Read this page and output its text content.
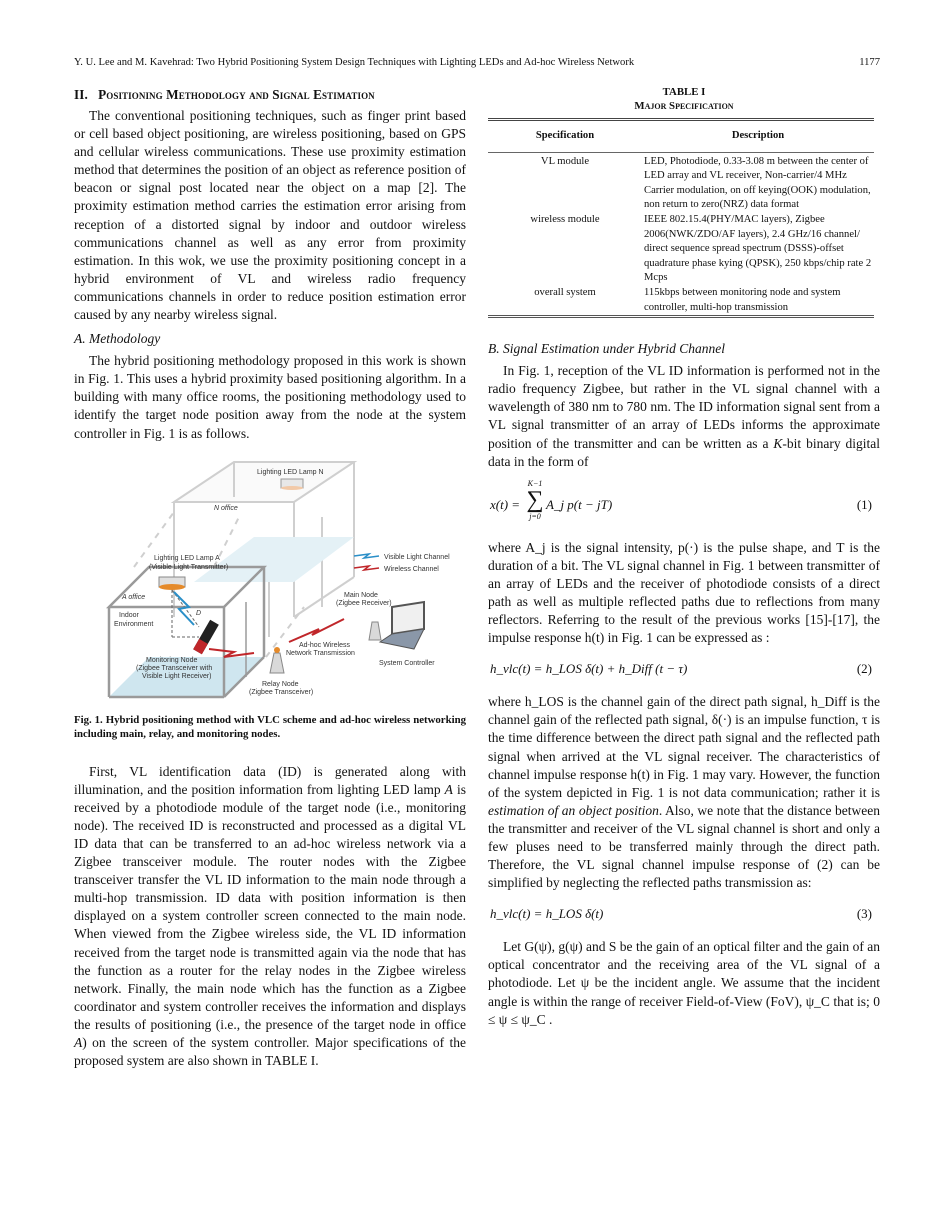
Y. U. Lee and M. Kavehrad: Two Hybrid Positioning System Design Techniques with Lighting LEDs and Ad-hoc Wireless Network	1177
II. Positioning Methodology and Signal Estimation

The conventional positioning techniques, such as finger print based or cell based object positioning, are wireless positioning, based on GPS and cellular wireless communications. These use proximity estimation method that determines the position of an object as reference position of beacon or signal post located near the object on a map [2]. The proximity estimation method carries the estimation error arising from reception of a distorted signal by indoor and outdoor wireless communications channel as well as any error from proximity estimation. In this wok, we use the proximity positioning concept in a hybrid environment of VL and wireless radio frequency communications channels in order to reduce position estimation error caused by any nearby wireless signal.

A. Methodology

The hybrid positioning methodology proposed in this work is shown in Fig. 1. This uses a hybrid proximity based positioning algorithm. In a building with many office rooms, the positioning methodology used to identify the target node position away from the node at the system controller in Fig. 1 is as follows.

Lighting LED Lamp N
N office
Lighting LED Lamp A
(Visible Light Transmitter)
A office
Indoor
Environment
D
Monitoring Node
(Zigbee Transceiver with
Visible Light Receiver)
Relay Node
(Zigbee Transceiver)
Ad-hoc Wireless
Network Transmission
Main Node
(Zigbee Receiver)
System Controller
Visible Light Channel
Wireless Channel
Fig. 1. Hybrid positioning method with VLC scheme and ad-hoc wireless networking including main, relay, and monitoring nodes.

First, VL identification data (ID) is generated along with illumination, and the position information from lighting LED lamp A is received by a photodiode module of the target node (i.e., monitoring node). The received ID is reconstructed and processed as a digital VL ID data that can be transferred to an ad-hoc wireless network via a Zigbee transceiver module. The router nodes with the Zigbee transceiver transfer the VL ID information to the main node through a multi-hop transmission. ID data with position information is then displayed on a system controller screen connected to the main node. When viewed from the Zigbee wireless side, the VL ID information received from the target node is transmitted again via the node that has the function as a router for the relay nodes in the Zigbee wireless network. Finally, the main node which has the function as a Zigbee coordinator and system controller receives the information and displays the results of positioning (i.e., the presence of the target node in office A) on the screen of the system controller. Major specifications of the proposed system are also shown in TABLE I.

TABLE I
Major Specification
Specification	Description
VL module	LED, Photodiode, 0.33-3.08 m between the center of LED array and VL receiver, Non-carrier/4 MHz Carrier modulation, on off keying(OOK) modulation, non return to zero(NRZ) data format
wireless module	IEEE 802.15.4(PHY/MAC layers), Zigbee 2006(NWK/ZDO/AF layers), 2.4 GHz/16 channel/ direct sequence spread spectrum (DSSS)-offset quadrature phase kying (QPSK), 250 kbps/chip rate 2 Mcps
overall system	115kbps between monitoring node and system controller, multi-hop transmission
B. Signal Estimation under Hybrid Channel

In Fig. 1, reception of the VL ID information is performed not in the radio frequency Zigbee, but rather in the VL signal channel with a wavelength of 380 nm to 780 nm. The ID information signal sent from a VL signal transmitter of an array of LEDs informs the approximate position of the transmitter and can be written as a K-bit binary digital data in the form of

x(t) =
K−1
∑
j=0
A_j p(t − jT)	(1)

where A_j is the signal intensity, p(·) is the pulse shape, and T is the duration of a bit. The VL signal channel in Fig. 1 between transmitter of an array of LEDs and the receiver of photodiode consists of a direct path as well as multiple reflected paths due to reflections from many reflectors. Referring to the result of the previous works [15]-[17], the impulse response h(t) in Fig. 1 can be expressed as :

h_vlc(t) = h_LOS δ(t) + h_Diff (t − τ)	(2)

where h_LOS is the channel gain of the direct path signal, h_Diff is the channel gain of the reflected path signal, δ(·) is an impulse function, τ is the time difference between the direct path signal and the reflected path signal when arrived at the VL signal receiver. The characteristics of channel impulse response h(t) in Fig. 1 may vary. However, the function of the system depicted in Fig. 1 is not data communication; rather it is estimation of an object position. Also, we note that the distance between the transmitter and receiver of the VL signal channel is short and only a few pluses need to be transferred mainly through the direct path. Therefore, the VL signal channel impulse response of (2) can be simplified by neglecting the reflected paths transmission as:

h_vlc(t) = h_LOS δ(t)	(3)

Let G(ψ), g(ψ) and S be the gain of an optical filter and the gain of an optical concentrator and the receiving area of the VL signal of a photodiode. Let ψ be the incident angle. We assume that the incident angle is within the range of receiver Field-of-View (FoV), ψ_C that is; 0 ≤ ψ ≤ ψ_C .
